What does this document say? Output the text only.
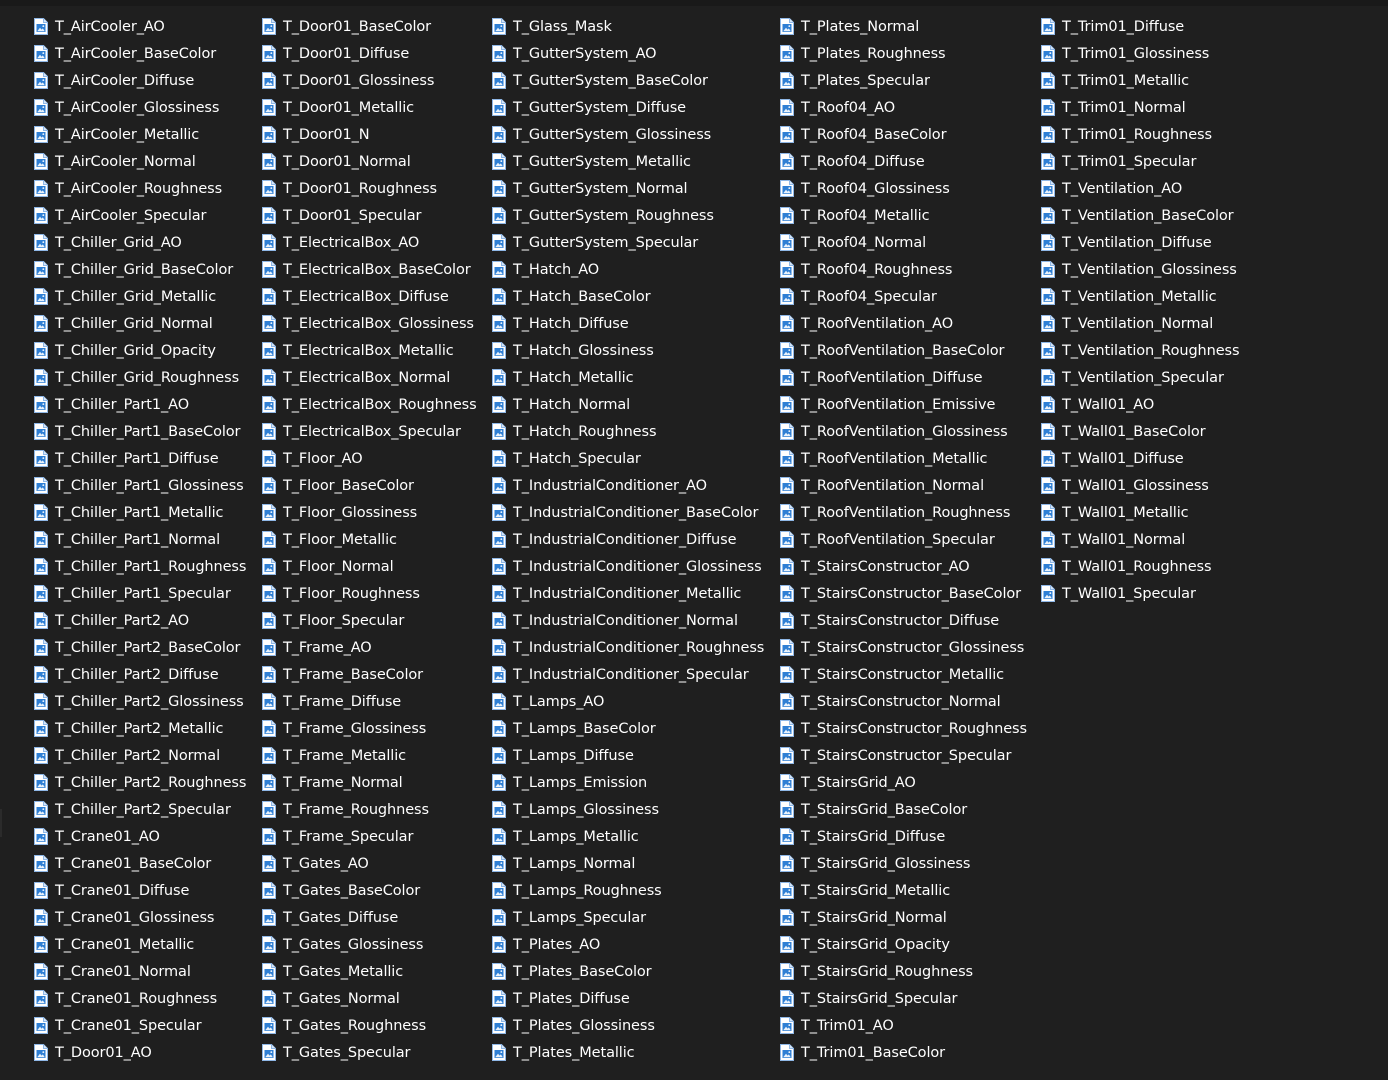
T_AirCooler_AO
T_AirCooler_BaseColor
T_AirCooler_Diffuse
T_AirCooler_Glossiness
T_AirCooler_Metallic
T_AirCooler_Normal
T_AirCooler_Roughness
T_AirCooler_Specular
T_Chiller_Grid_AO
T_Chiller_Grid_BaseColor
T_Chiller_Grid_Metallic
T_Chiller_Grid_Normal
T_Chiller_Grid_Opacity
T_Chiller_Grid_Roughness
T_Chiller_Part1_AO
T_Chiller_Part1_BaseColor
T_Chiller_Part1_Diffuse
T_Chiller_Part1_Glossiness
T_Chiller_Part1_Metallic
T_Chiller_Part1_Normal
T_Chiller_Part1_Roughness
T_Chiller_Part1_Specular
T_Chiller_Part2_AO
T_Chiller_Part2_BaseColor
T_Chiller_Part2_Diffuse
T_Chiller_Part2_Glossiness
T_Chiller_Part2_Metallic
T_Chiller_Part2_Normal
T_Chiller_Part2_Roughness
T_Chiller_Part2_Specular
T_Crane01_AO
T_Crane01_BaseColor
T_Crane01_Diffuse
T_Crane01_Glossiness
T_Crane01_Metallic
T_Crane01_Normal
T_Crane01_Roughness
T_Crane01_Specular
T_Door01_AO
T_Door01_BaseColor
T_Door01_Diffuse
T_Door01_Glossiness
T_Door01_Metallic
T_Door01_N
T_Door01_Normal
T_Door01_Roughness
T_Door01_Specular
T_ElectricalBox_AO
T_ElectricalBox_BaseColor
T_ElectricalBox_Diffuse
T_ElectricalBox_Glossiness
T_ElectricalBox_Metallic
T_ElectricalBox_Normal
T_ElectricalBox_Roughness
T_ElectricalBox_Specular
T_Floor_AO
T_Floor_BaseColor
T_Floor_Glossiness
T_Floor_Metallic
T_Floor_Normal
T_Floor_Roughness
T_Floor_Specular
T_Frame_AO
T_Frame_BaseColor
T_Frame_Diffuse
T_Frame_Glossiness
T_Frame_Metallic
T_Frame_Normal
T_Frame_Roughness
T_Frame_Specular
T_Gates_AO
T_Gates_BaseColor
T_Gates_Diffuse
T_Gates_Glossiness
T_Gates_Metallic
T_Gates_Normal
T_Gates_Roughness
T_Gates_Specular
T_Glass_Mask
T_GutterSystem_AO
T_GutterSystem_BaseColor
T_GutterSystem_Diffuse
T_GutterSystem_Glossiness
T_GutterSystem_Metallic
T_GutterSystem_Normal
T_GutterSystem_Roughness
T_GutterSystem_Specular
T_Hatch_AO
T_Hatch_BaseColor
T_Hatch_Diffuse
T_Hatch_Glossiness
T_Hatch_Metallic
T_Hatch_Normal
T_Hatch_Roughness
T_Hatch_Specular
T_IndustrialConditioner_AO
T_IndustrialConditioner_BaseColor
T_IndustrialConditioner_Diffuse
T_IndustrialConditioner_Glossiness
T_IndustrialConditioner_Metallic
T_IndustrialConditioner_Normal
T_IndustrialConditioner_Roughness
T_IndustrialConditioner_Specular
T_Lamps_AO
T_Lamps_BaseColor
T_Lamps_Diffuse
T_Lamps_Emission
T_Lamps_Glossiness
T_Lamps_Metallic
T_Lamps_Normal
T_Lamps_Roughness
T_Lamps_Specular
T_Plates_AO
T_Plates_BaseColor
T_Plates_Diffuse
T_Plates_Glossiness
T_Plates_Metallic
T_Plates_Normal
T_Plates_Roughness
T_Plates_Specular
T_Roof04_AO
T_Roof04_BaseColor
T_Roof04_Diffuse
T_Roof04_Glossiness
T_Roof04_Metallic
T_Roof04_Normal
T_Roof04_Roughness
T_Roof04_Specular
T_RoofVentilation_AO
T_RoofVentilation_BaseColor
T_RoofVentilation_Diffuse
T_RoofVentilation_Emissive
T_RoofVentilation_Glossiness
T_RoofVentilation_Metallic
T_RoofVentilation_Normal
T_RoofVentilation_Roughness
T_RoofVentilation_Specular
T_StairsConstructor_AO
T_StairsConstructor_BaseColor
T_StairsConstructor_Diffuse
T_StairsConstructor_Glossiness
T_StairsConstructor_Metallic
T_StairsConstructor_Normal
T_StairsConstructor_Roughness
T_StairsConstructor_Specular
T_StairsGrid_AO
T_StairsGrid_BaseColor
T_StairsGrid_Diffuse
T_StairsGrid_Glossiness
T_StairsGrid_Metallic
T_StairsGrid_Normal
T_StairsGrid_Opacity
T_StairsGrid_Roughness
T_StairsGrid_Specular
T_Trim01_AO
T_Trim01_BaseColor
T_Trim01_Diffuse
T_Trim01_Glossiness
T_Trim01_Metallic
T_Trim01_Normal
T_Trim01_Roughness
T_Trim01_Specular
T_Ventilation_AO
T_Ventilation_BaseColor
T_Ventilation_Diffuse
T_Ventilation_Glossiness
T_Ventilation_Metallic
T_Ventilation_Normal
T_Ventilation_Roughness
T_Ventilation_Specular
T_Wall01_AO
T_Wall01_BaseColor
T_Wall01_Diffuse
T_Wall01_Glossiness
T_Wall01_Metallic
T_Wall01_Normal
T_Wall01_Roughness
T_Wall01_Specular
